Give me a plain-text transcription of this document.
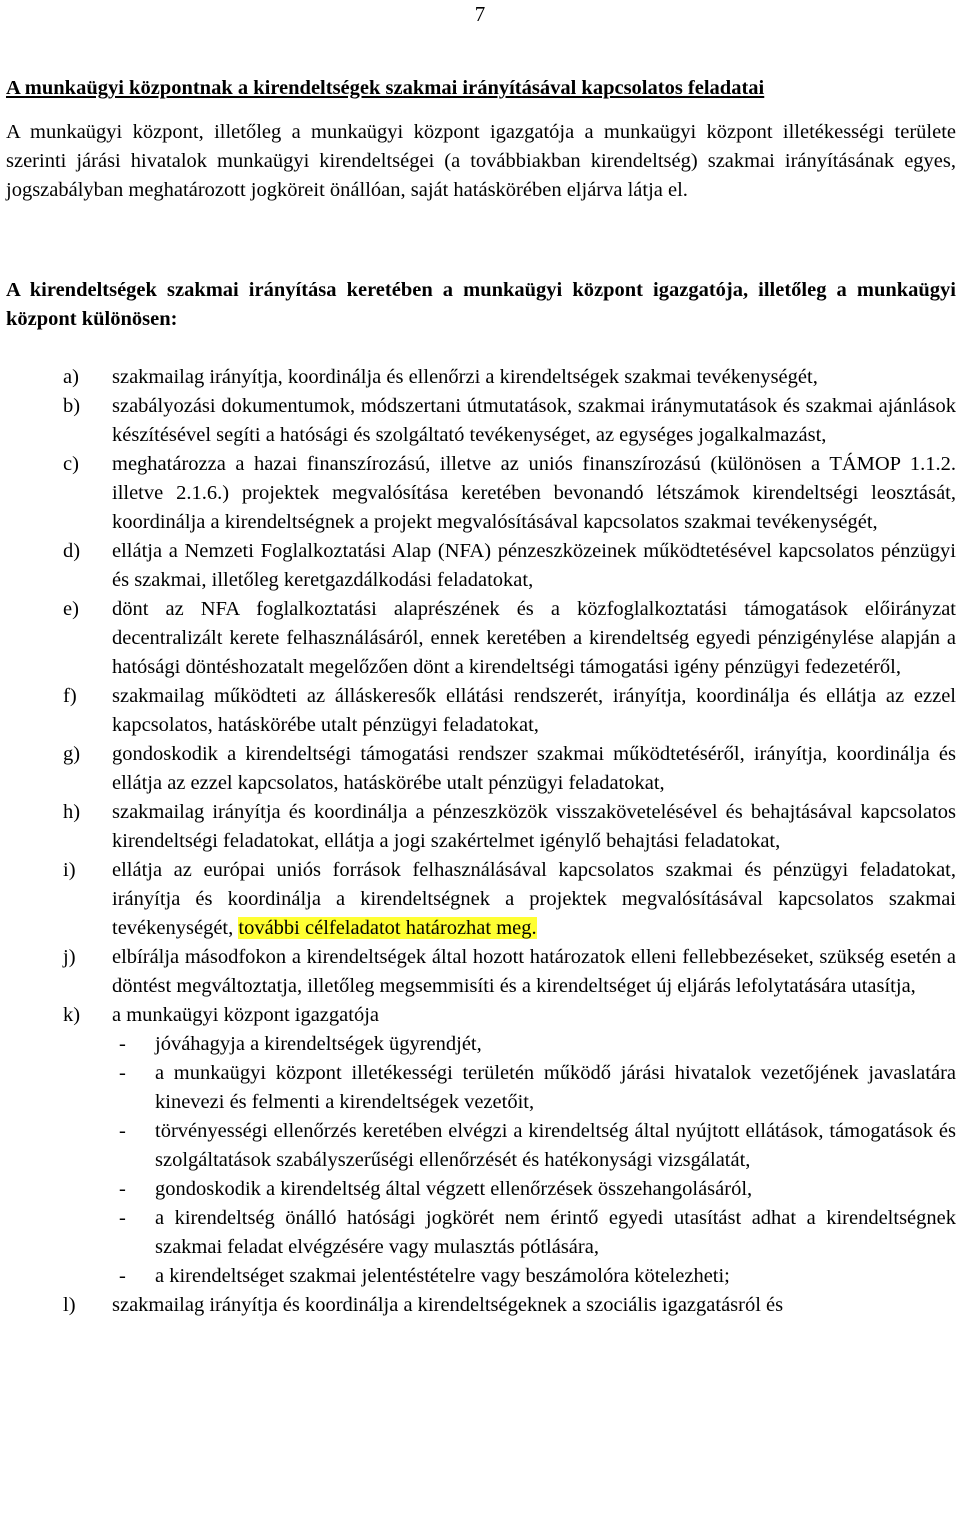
7
A munkaügyi központnak a kirendeltségek szakmai irányításával kapcsolatos feladatai

A munkaügyi központ, illetőleg a munkaügyi központ igazgatója a munkaügyi központ illetékességi területe szerinti járási hivatalok munkaügyi kirendeltségei (a továbbiakban kirendeltség) szakmai irányításának egyes, jogszabályban meghatározott jogköreit önállóan, saját hatáskörében eljárva látja el.

A kirendeltségek szakmai irányítása keretében a munkaügyi központ igazgatója, illetőleg a munkaügyi központ különösen:

a) szakmailag irányítja, koordinálja és ellenőrzi a kirendeltségek szakmai tevékenységét,
b) szabályozási dokumentumok, módszertani útmutatások, szakmai iránymutatások és szakmai ajánlások készítésével segíti a hatósági és szolgáltató tevékenységet, az egységes jogalkalmazást,
c) meghatározza a hazai finanszírozású, illetve az uniós finanszírozású (különösen a TÁMOP 1.1.2. illetve 2.1.6.) projektek megvalósítása keretében bevonandó létszámok kirendeltségi leosztását, koordinálja a kirendeltségnek a projekt megvalósításával kapcsolatos szakmai tevékenységét,
d) ellátja a Nemzeti Foglalkoztatási Alap (NFA) pénzeszközeinek működtetésével kapcsolatos pénzügyi és szakmai, illetőleg keretgazdálkodási feladatokat,
e) dönt az NFA foglalkoztatási alaprészének és a közfoglalkoztatási támogatások előirányzat decentralizált kerete felhasználásáról, ennek keretében a kirendeltség egyedi pénzigénylése alapján a hatósági döntéshozatalt megelőzően dönt a kirendeltségi támogatási igény pénzügyi fedezetéről,
f) szakmailag működteti az álláskeresők ellátási rendszerét, irányítja, koordinálja és ellátja az ezzel kapcsolatos, hatáskörébe utalt pénzügyi feladatokat,
g) gondoskodik a kirendeltségi támogatási rendszer szakmai működtetéséről, irányítja, koordinálja és ellátja az ezzel kapcsolatos, hatáskörébe utalt pénzügyi feladatokat,
h) szakmailag irányítja és koordinálja a pénzeszközök visszakövetelésével és behajtásával kapcsolatos kirendeltségi feladatokat, ellátja a jogi szakértelmet igénylő behajtási feladatokat,
i) ellátja az európai uniós források felhasználásával kapcsolatos szakmai és pénzügyi feladatokat, irányítja és koordinálja a kirendeltségnek a projektek megvalósításával kapcsolatos szakmai tevékenységét, további célfeladatot határozhat meg.
j) elbírálja másodfokon a kirendeltségek által hozott határozatok elleni fellebbezéseket, szükség esetén a döntést megváltoztatja, illetőleg megsemmisíti és a kirendeltséget új eljárás lefolytatására utasítja,
k) a munkaügyi központ igazgatója
- jóváhagyja a kirendeltségek ügyrendjét,
- a munkaügyi központ illetékességi területén működő járási hivatalok vezetőjének javaslatára kinevezi és felmenti a kirendeltségek vezetőit,
- törvényességi ellenőrzés keretében elvégzi a kirendeltség által nyújtott ellátások, támogatások és szolgáltatások szabályszerűségi ellenőrzését és hatékonysági vizsgálatát,
- gondoskodik a kirendeltség által végzett ellenőrzések összehangolásáról,
- a kirendeltség önálló hatósági jogkörét nem érintő egyedi utasítást adhat a kirendeltségnek szakmai feladat elvégzésére vagy mulasztás pótlására,
- a kirendeltséget szakmai jelentéstételre vagy beszámolóra kötelezheti;
l) szakmailag irányítja és koordinálja a kirendeltségeknek a szociális igazgatásról és
